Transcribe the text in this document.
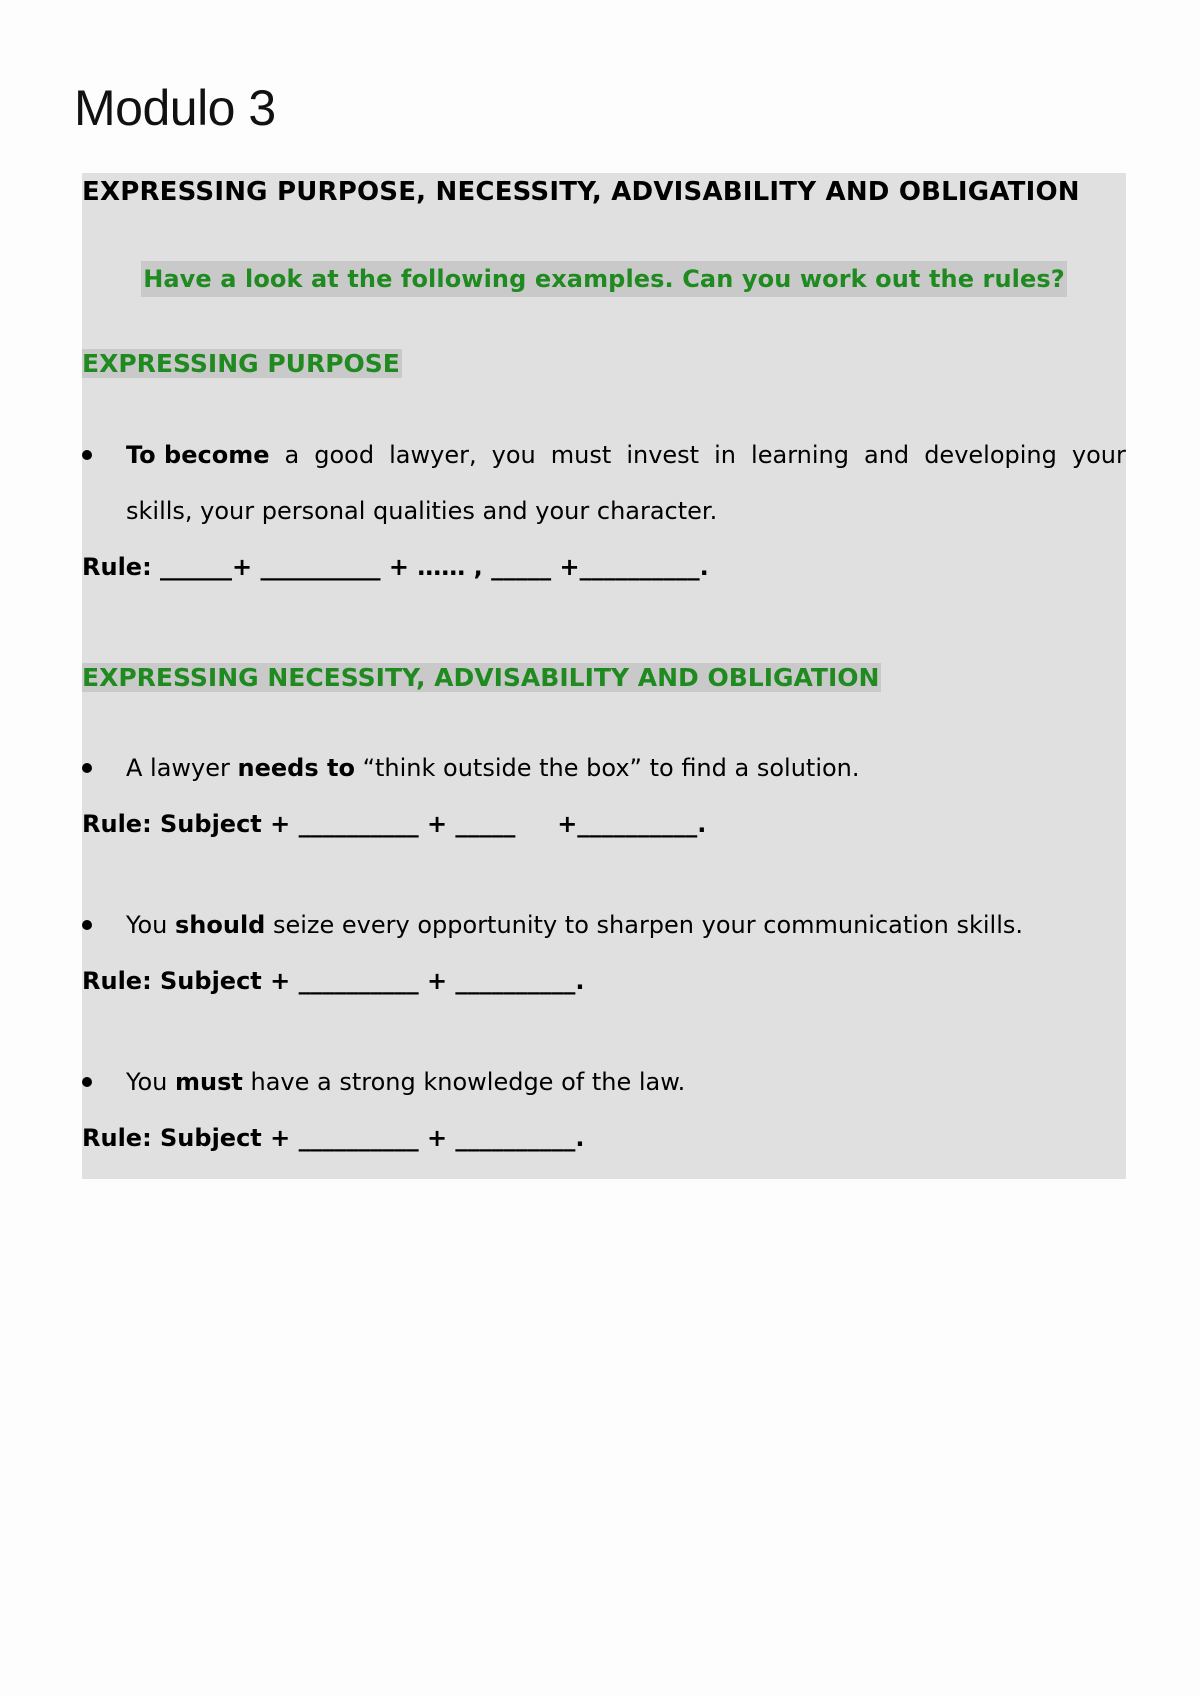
Modulo 3
EXPRESSING PURPOSE, NECESSITY, ADVISABILITY AND OBLIGATION
Have a look at the following examples. Can you work out the rules?
EXPRESSING PURPOSE
To become a good lawyer, you must invest in learning and developing your
skills, your personal qualities and your character.
Rule: ______+ __________ + …… , _____ +__________.
EXPRESSING NECESSITY, ADVISABILITY AND OBLIGATION
A lawyer needs to “think outside the box” to find a solution.
Rule: Subject + __________ + _____     +__________.
You should seize every opportunity to sharpen your communication skills.
Rule: Subject + __________ + __________.
You must have a strong knowledge of the law.
Rule: Subject + __________ + __________.
